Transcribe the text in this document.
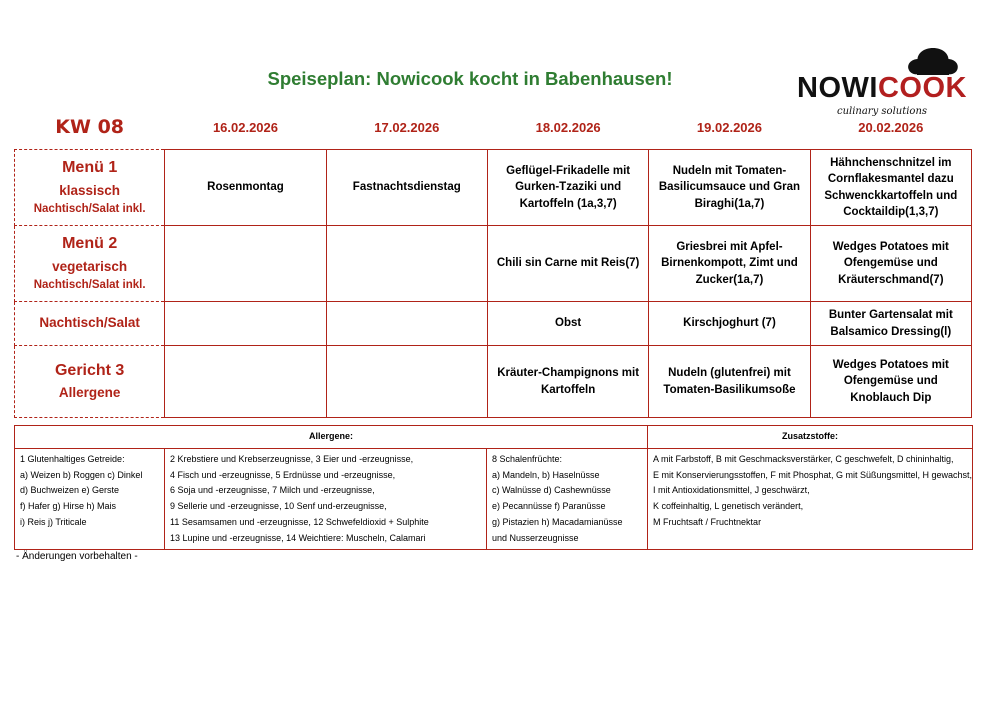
Speiseplan: Nowicook kocht in Babenhausen!	NOWICOOK
culinary solutions
KW 08	16.02.2026	17.02.2026	18.02.2026	19.02.2026	20.02.2026

Menü 1
klassisch
Nachtisch/Salat inkl.	Rosenmontag	Fastnachtsdienstag	Geflügel-Frikadelle mit Gurken-Tzaziki und Kartoffeln (1a,3,7)	Nudeln mit Tomaten-Basilicumsauce und Gran Biraghi(1a,7)	Hähnchenschnitzel im Cornflakesmantel dazu Schwenckkartoffeln und Cocktaildip(1,3,7)

Menü 2
vegetarisch
Nachtisch/Salat inkl.			Chili sin Carne mit Reis(7)	Griesbrei mit Apfel-Birnenkompott, Zimt und Zucker(1a,7)	Wedges Potatoes mit Ofengemüse und Kräuterschmand(7)

Nachtisch/Salat			Obst	Kirschjoghurt (7)	Bunter Gartensalat mit Balsamico Dressing(l)

Gericht 3
Allergene			Kräuter-Champignons mit Kartoffeln	Nudeln (glutenfrei) mit Tomaten-Basilikumsoße	Wedges Potatoes mit Ofengemüse und Knoblauch Dip
Allergene:			Zusatzstoffe:

1 Glutenhaltiges Getreide:
a) Weizen b) Roggen c) Dinkel
d) Buchweizen e) Gerste
f) Hafer g) Hirse h) Mais
i) Reis j) Triticale

2 Krebstiere und Krebserzeugnisse, 3 Eier und -erzeugnisse,
4 Fisch und -erzeugnisse, 5 Erdnüsse und -erzeugnisse,
6 Soja und -erzeugnisse, 7 Milch und -erzeugnisse,
9 Sellerie und -erzeugnisse, 10 Senf und-erzeugnisse,
11 Sesamsamen und -erzeugnisse, 12 Schwefeldioxid + Sulphite
13 Lupine und -erzeugnisse, 14 Weichtiere: Muscheln, Calamari

8 Schalenfrüchte:
a) Mandeln, b) Haselnüsse
c) Walnüsse d) Cashewnüsse
e) Pecannüsse f) Paranüsse
g) Pistazien h) Macadamianüsse
und Nusserzeugnisse

A mit Farbstoff, B mit Geschmacksverstärker, C geschwefelt, D chininhaltig,
E mit Konservierungsstoffen, F mit Phosphat, G mit Süßungsmittel, H gewachst,
I mit Antioxidationsmittel, J geschwärzt,
K coffeinhaltig, L genetisch verändert,
M Fruchtsaft / Fruchtnektar
- Änderungen vorbehalten -
